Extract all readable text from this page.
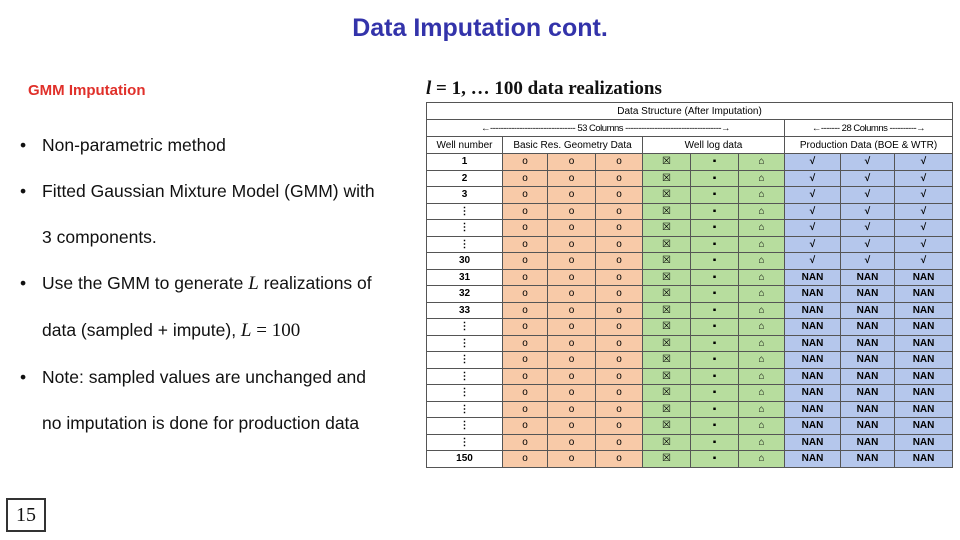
Data Imputation cont.
GMM Imputation
• Non-parametric method
• Fitted Gaussian Mixture Model (GMM) with
3 components.
• Use the GMM to generate L realizations of
data (sampled + impute), L = 100
• Note: sampled values are unchanged and
no imputation is done for production data
l = 1, … 100 data realizations
Data Structure (After Imputation)									
←-------------------------------- 53 Columns ------------------------------------→							←------- 28 Columns ----------→		
Well number	Basic Res. Geometry Data			Well log data			Production Data (BOE & WTR)		
1	o	o	o	☒	▪	⌂	√	√	√
2	o	o	o	☒	▪	⌂	√	√	√
3	o	o	o	☒	▪	⌂	√	√	√
⋮	o	o	o	☒	▪	⌂	√	√	√
⋮	o	o	o	☒	▪	⌂	√	√	√
⋮	o	o	o	☒	▪	⌂	√	√	√
30	o	o	o	☒	▪	⌂	√	√	√
31	o	o	o	☒	▪	⌂	NAN	NAN	NAN
32	o	o	o	☒	▪	⌂	NAN	NAN	NAN
33	o	o	o	☒	▪	⌂	NAN	NAN	NAN
⋮	o	o	o	☒	▪	⌂	NAN	NAN	NAN
⋮	o	o	o	☒	▪	⌂	NAN	NAN	NAN
⋮	o	o	o	☒	▪	⌂	NAN	NAN	NAN
⋮	o	o	o	☒	▪	⌂	NAN	NAN	NAN
⋮	o	o	o	☒	▪	⌂	NAN	NAN	NAN
⋮	o	o	o	☒	▪	⌂	NAN	NAN	NAN
⋮	o	o	o	☒	▪	⌂	NAN	NAN	NAN
⋮	o	o	o	☒	▪	⌂	NAN	NAN	NAN
150	o	o	o	☒	▪	⌂	NAN	NAN	NAN
15
